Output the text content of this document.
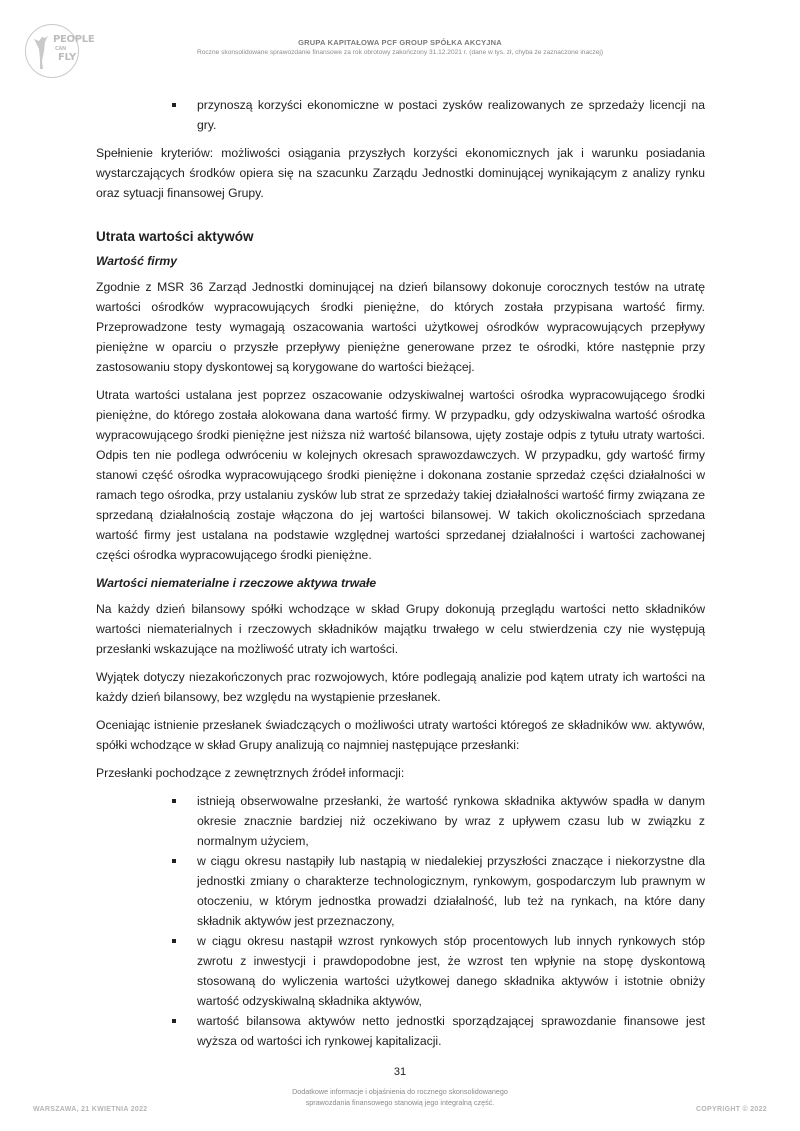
PEOPLE
CAN
FLY
GRUPA KAPITAŁOWA PCF GROUP SPÓŁKA AKCYJNA
Roczne skonsolidowane sprawozdanie finansowe za rok obrotowy zakończony 31.12.2021 r. (dane w tys. zł, chyba że zaznaczone inaczej)
przynoszą korzyści ekonomiczne w postaci zysków realizowanych ze sprzedaży licencji na gry.

Spełnienie kryteriów: możliwości osiągania przyszłych korzyści ekonomicznych jak i warunku posiadania wystarczających środków opiera się na szacunku Zarządu Jednostki dominującej wynikającym z analizy rynku oraz sytuacji finansowej Grupy.

Utrata wartości aktywów
Wartość firmy

Zgodnie z MSR 36 Zarząd Jednostki dominującej na dzień bilansowy dokonuje corocznych testów na utratę wartości ośrodków wypracowujących środki pieniężne, do których została przypisana wartość firmy. Przeprowadzone testy wymagają oszacowania wartości użytkowej ośrodków wypracowujących przepływy pieniężne w oparciu o przyszłe przepływy pieniężne generowane przez te ośrodki, które następnie przy zastosowaniu stopy dyskontowej są korygowane do wartości bieżącej.

Utrata wartości ustalana jest poprzez oszacowanie odzyskiwalnej wartości ośrodka wypracowującego środki pieniężne, do którego została alokowana dana wartość firmy. W przypadku, gdy odzyskiwalna wartość ośrodka wypracowującego środki pieniężne jest niższa niż wartość bilansowa, ujęty zostaje odpis z tytułu utraty wartości. Odpis ten nie podlega odwróceniu w kolejnych okresach sprawozdawczych. W przypadku, gdy wartość firmy stanowi część ośrodka wypracowującego środki pieniężne i dokonana zostanie sprzedaż części działalności w ramach tego ośrodka, przy ustalaniu zysków lub strat ze sprzedaży takiej działalności wartość firmy związana ze sprzedaną działalnością zostaje włączona do jej wartości bilansowej. W takich okolicznościach sprzedana wartość firmy jest ustalana na podstawie względnej wartości sprzedanej działalności i wartości zachowanej części ośrodka wypracowującego środki pieniężne.

Wartości niematerialne i rzeczowe aktywa trwałe

Na każdy dzień bilansowy spółki wchodzące w skład Grupy dokonują przeglądu wartości netto składników wartości niematerialnych i rzeczowych składników majątku trwałego w celu stwierdzenia czy nie występują przesłanki wskazujące na możliwość utraty ich wartości.

Wyjątek dotyczy niezakończonych prac rozwojowych, które podlegają analizie pod kątem utraty ich wartości na każdy dzień bilansowy, bez względu na wystąpienie przesłanek.

Oceniając istnienie przesłanek świadczących o możliwości utraty wartości któregoś ze składników ww. aktywów, spółki wchodzące w skład Grupy analizują co najmniej następujące przesłanki:

Przesłanki pochodzące z zewnętrznych źródeł informacji:

istnieją obserwowalne przesłanki, że wartość rynkowa składnika aktywów spadła w danym okresie znacznie bardziej niż oczekiwano by wraz z upływem czasu lub w związku z normalnym użyciem,
w ciągu okresu nastąpiły lub nastąpią w niedalekiej przyszłości znaczące i niekorzystne dla jednostki zmiany o charakterze technologicznym, rynkowym, gospodarczym lub prawnym w otoczeniu, w którym jednostka prowadzi działalność, lub też na rynkach, na które dany składnik aktywów jest przeznaczony,
w ciągu okresu nastąpił wzrost rynkowych stóp procentowych lub innych rynkowych stóp zwrotu z inwestycji i prawdopodobne jest, że wzrost ten wpłynie na stopę dyskontową stosowaną do wyliczenia wartości użytkowej danego składnika aktywów i istotnie obniży wartość odzyskiwalną składnika aktywów,
wartość bilansowa aktywów netto jednostki sporządzającej sprawozdanie finansowe jest wyższa od wartości ich rynkowej kapitalizacji.
31
Dodatkowe informacje i objaśnienia do rocznego skonsolidowanego
sprawozdania finansowego stanowią jego integralną część.
WARSZAWA, 21 KWIETNIA 2022	COPYRIGHT © 2022
